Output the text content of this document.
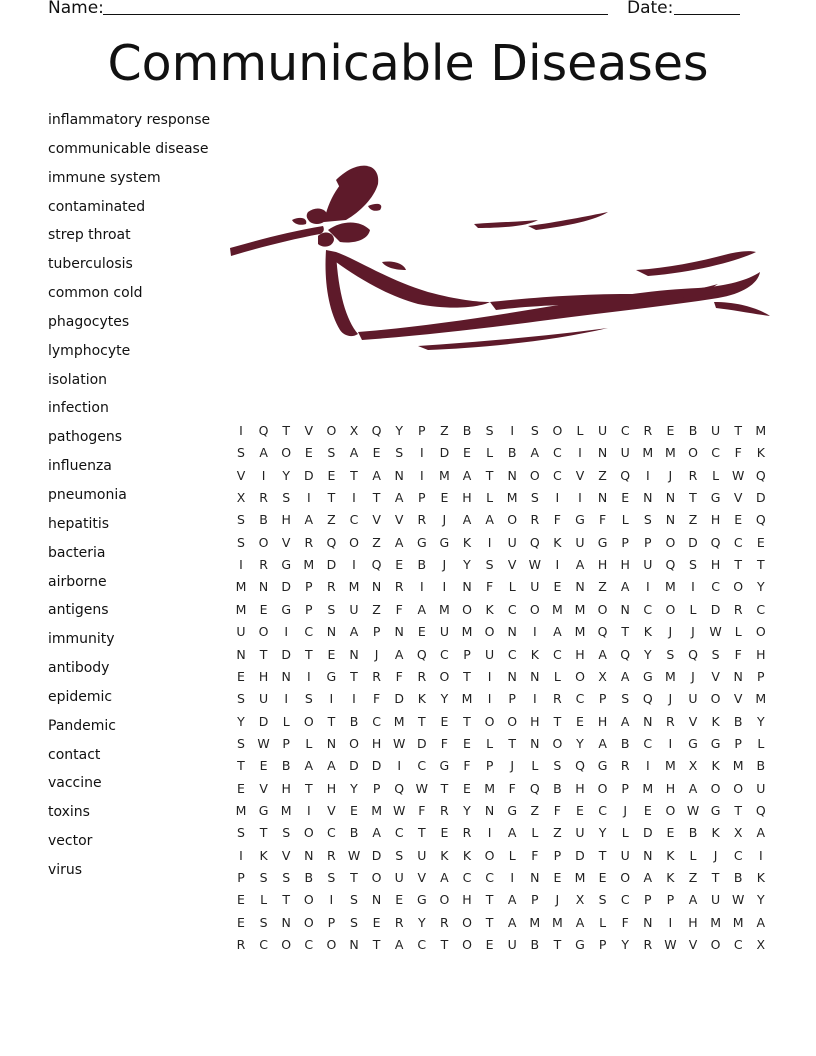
Name:	Date:
Communicable Diseases
inflammatory response
communicable disease
immune system
contaminated
strep throat
tuberculosis
common cold
phagocytes
lymphocyte
isolation
infection
pathogens
influenza
pneumonia
hepatitis
bacteria
airborne
antigens
immunity
antibody
epidemic
Pandemic
contact
vaccine
toxins
vector
virus
I	Q	T	V	O	X	Q	Y	P	Z	B	S	I	S	O	L	U	C	R	E	B	U	T	M
S	A	O	E	S	A	E	S	I	D	E	L	B	A	C	I	N	U	M M O	C	F	K
V	I	Y	D	E	T	A	N	I	M	A	T	N	O	C	V	Z	Q	I	J	R	L	W Q
X	R	S	I	T	I	T	A	P	E	H	L	M	S	I	I	N	E	N	N	T	G	V	D
S	B	H	A	Z	C	V	V	R	J	A	A	O	R	F	G	F	L	S	N	Z	H	E	Q
S	O	V	R	Q	O	Z	A	G	G	K	I	U	Q	K	U	G	P	P	O	D	Q	C	E
I	R	G M D	I	Q	E	B	J	Y	S	V W	I	A	H	H	U	Q	S	H	T	T
M	N	D	P	R	M	N	R	I	I	N	F	L	U	E	N	Z	A	I	M	I	C	O	Y
M	E	G	P	S	U	Z	F	A	M O	K	C	O M M O	N	C	O	L	D	R	C
U	O	I	C	N	A	P	N	E	U	M O	N	I	A	M Q	T	K	J	J	W	L	O
N	T	D	T	E	N	J	A	Q	C	P	U	C	K	C	H	A	Q	Y	S	Q	S	F	H
E	H	N	I	G	T	R	F	R	O	T	I	N	N	L	O	X	A	G M	J	V	N	P
S	U	I	S	I	I	F	D	K	Y	M	I	P	I	R	C	P	S	Q	J	U	O	V	M
Y	D	L	O	T	B	C	M	T	E	T	O	O	H	T	E	H	A	N	R	V	K	B	Y
S W	P	L	N	O	H W D	F	E	L	T	N	O	Y	A	B	C	I	G	G	P	L
T	E	B	A	A	D	D	I	C	G	F	P	J	L	S	Q	G	R	I	M	X	K	M	B
E	V	H	T	H	Y	P	Q W	T	E	M	F	Q	B	H	O	P	M	H	A	O	O	U
M G M	I	V	E	M W	F	R	Y	N	G	Z	F	E	C	J	E	O W G	T	Q
S	T	S	O	C	B	A	C	T	E	R	I	A	L	Z	U	Y	L	D	E	B	K	X	A
I	K	V	N	R W D	S	U	K	K	O	L	F	P	D	T	U	N	K	L	J	C	I
P	S	S	B	S	T	O	U	V	A	C	C	I	N	E	M	E	O	A	K	Z	T	B	K
E	L	T	O	I	S	N	E	G	O	H	T	A	P	J	X	S	C	P	P	A	U W	Y
E	S	N	O	P	S	E	R	Y	R	O	T	A	M M	A	L	F	N	I	H M M	A
R	C	O	C	O	N	T	A	C	T	O	E	U	B	T	G	P	Y	R W V	O	C	X
